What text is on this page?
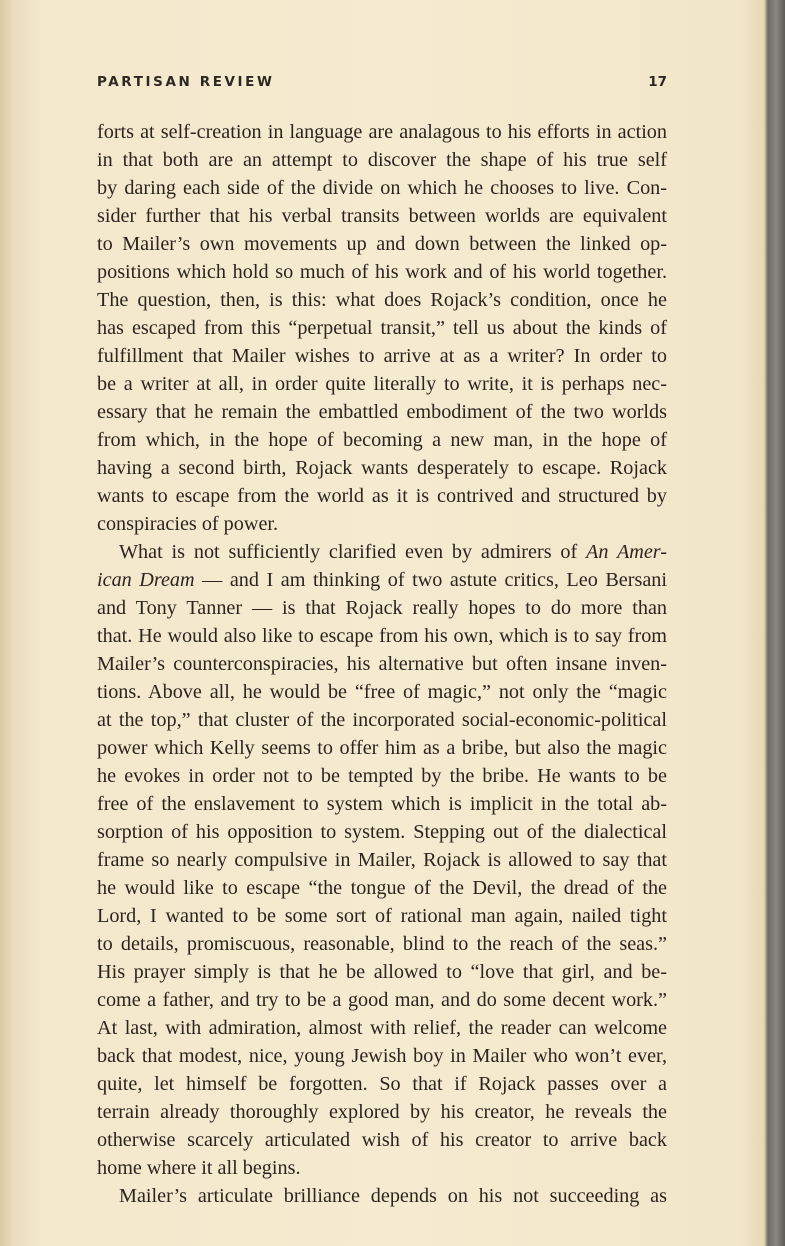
PARTISAN REVIEW	17
forts at self-creation in language are analagous to his efforts in action
in that both are an attempt to discover the shape of his true self
by daring each side of the divide on which he chooses to live. Con-
sider further that his verbal transits between worlds are equivalent
to Mailer’s own movements up and down between the linked op-
positions which hold so much of his work and of his world together.
The question, then, is this: what does Rojack’s condition, once he
has escaped from this “perpetual transit,” tell us about the kinds of
fulfillment that Mailer wishes to arrive at as a writer? In order to
be a writer at all, in order quite literally to write, it is perhaps nec-
essary that he remain the embattled embodiment of the two worlds
from which, in the hope of becoming a new man, in the hope of
having a second birth, Rojack wants desperately to escape. Rojack
wants to escape from the world as it is contrived and structured by
conspiracies of power.
What is not sufficiently clarified even by admirers of An Amer-
ican Dream — and I am thinking of two astute critics, Leo Bersani
and Tony Tanner — is that Rojack really hopes to do more than
that. He would also like to escape from his own, which is to say from
Mailer’s counterconspiracies, his alternative but often insane inven-
tions. Above all, he would be “free of magic,” not only the “magic
at the top,” that cluster of the incorporated social-economic-political
power which Kelly seems to offer him as a bribe, but also the magic
he evokes in order not to be tempted by the bribe. He wants to be
free of the enslavement to system which is implicit in the total ab-
sorption of his opposition to system. Stepping out of the dialectical
frame so nearly compulsive in Mailer, Rojack is allowed to say that
he would like to escape “the tongue of the Devil, the dread of the
Lord, I wanted to be some sort of rational man again, nailed tight
to details, promiscuous, reasonable, blind to the reach of the seas.”
His prayer simply is that he be allowed to “love that girl, and be-
come a father, and try to be a good man, and do some decent work.”
At last, with admiration, almost with relief, the reader can welcome
back that modest, nice, young Jewish boy in Mailer who won’t ever,
quite, let himself be forgotten. So that if Rojack passes over a
terrain already thoroughly explored by his creator, he reveals the
otherwise scarcely articulated wish of his creator to arrive back
home where it all begins.
Mailer’s articulate brilliance depends on his not succeeding as
